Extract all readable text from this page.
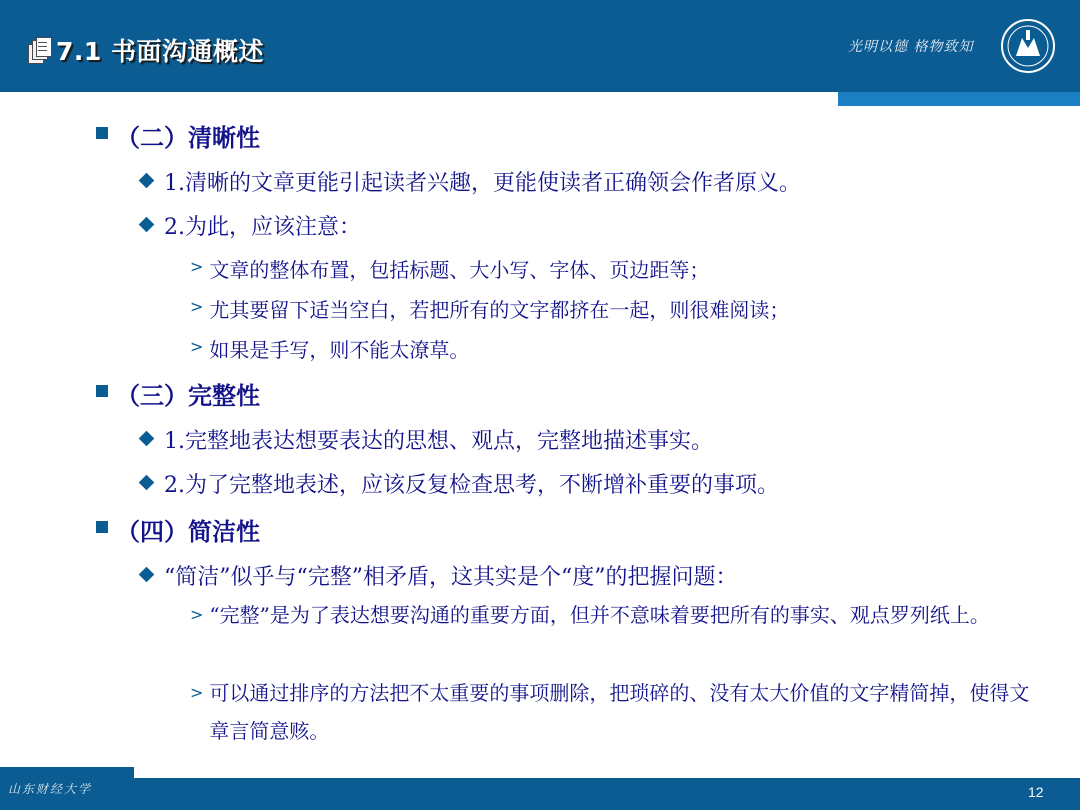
7.1 书面沟通概述	光明以德 格物致知
（二）清晰性
1.清晰的文章更能引起读者兴趣，更能使读者正确领会作者原义。
2.为此，应该注意：
> 文章的整体布置，包括标题、大小写、字体、页边距等；
> 尤其要留下适当空白，若把所有的文字都挤在一起，则很难阅读；
> 如果是手写，则不能太潦草。
（三）完整性
1.完整地表达想要表达的思想、观点，完整地描述事实。
2.为了完整地表述，应该反复检查思考，不断增补重要的事项。
（四）简洁性
“简洁”似乎与“完整”相矛盾，这其实是个“度”的把握问题：
> “完整”是为了表达想要沟通的重要方面，但并不意味着要把所有的事实、观点罗列纸上。
> 可以通过排序的方法把不太重要的事项删除，把琐碎的、没有太大价值的文字精简掉，使得文章言简意赅。
山东财经大学	12
